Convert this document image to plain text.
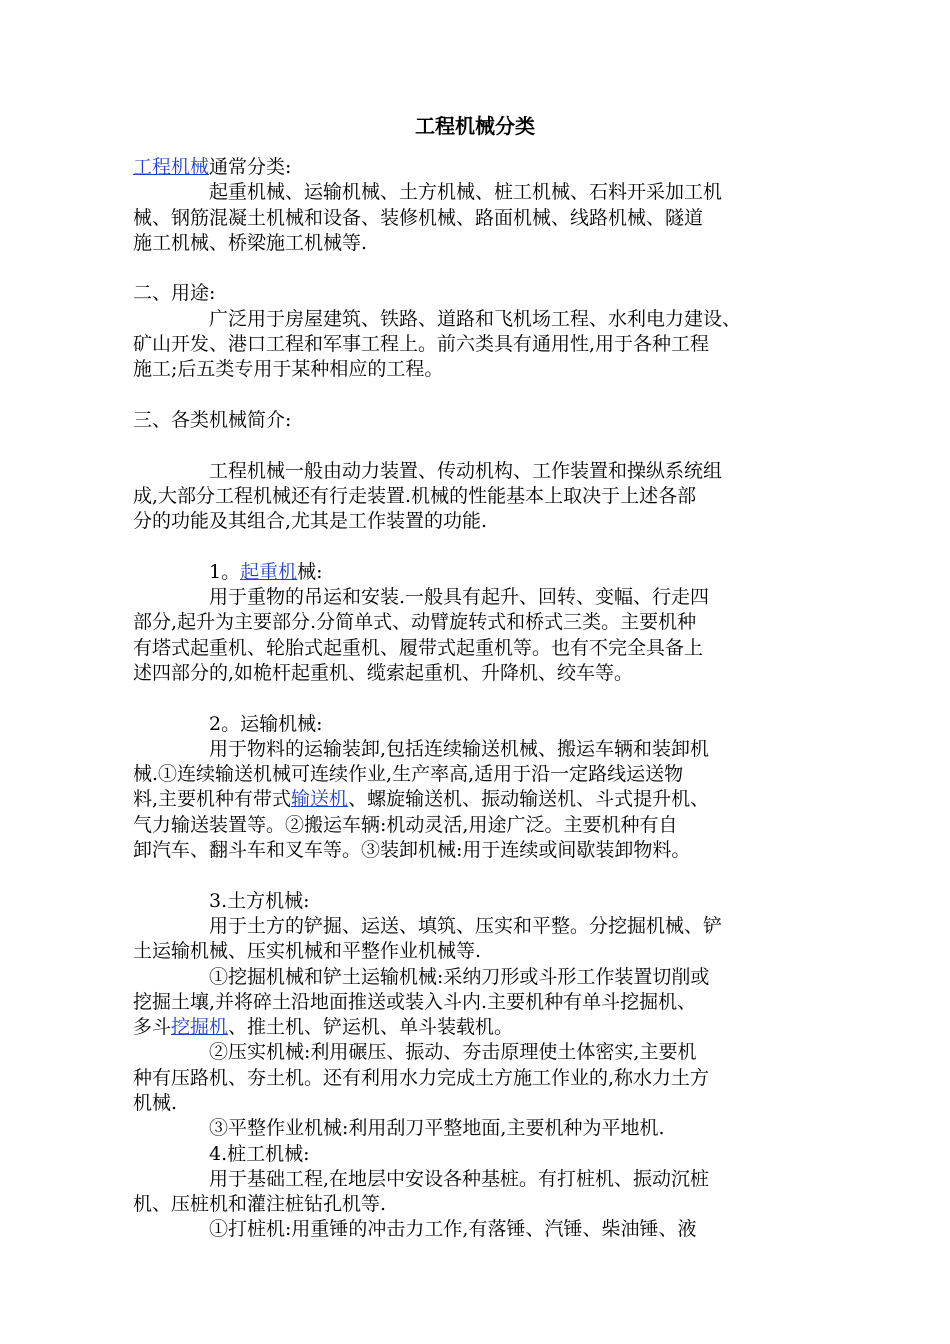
工程机械分类
工程机械通常分类:
起重机械、运输机械、土方机械、桩工机械、石料开采加工机
械、钢筋混凝土机械和设备、装修机械、路面机械、线路机械、隧道
施工机械、桥梁施工机械等.
二、用途:
广泛用于房屋建筑、铁路、道路和飞机场工程、水利电力建设、
矿山开发、港口工程和军事工程上。前六类具有通用性,用于各种工程
施工;后五类专用于某种相应的工程。
三、各类机械简介:
工程机械一般由动力装置、传动机构、工作装置和操纵系统组
成,大部分工程机械还有行走装置.机械的性能基本上取决于上述各部
分的功能及其组合,尤其是工作装置的功能.
1。起重机械:
用于重物的吊运和安装.一般具有起升、回转、变幅、行走四
部分,起升为主要部分.分简单式、动臂旋转式和桥式三类。主要机种
有塔式起重机、轮胎式起重机、履带式起重机等。也有不完全具备上
述四部分的,如桅杆起重机、缆索起重机、升降机、绞车等。
2。运输机械:
用于物料的运输装卸,包括连续输送机械、搬运车辆和装卸机
械.①连续输送机械可连续作业,生产率高,适用于沿一定路线运送物
料,主要机种有带式输送机、螺旋输送机、振动输送机、斗式提升机、
气力输送装置等。②搬运车辆:机动灵活,用途广泛。主要机种有自
卸汽车、翻斗车和叉车等。③装卸机械:用于连续或间歇装卸物料。
3.土方机械:
用于土方的铲掘、运送、填筑、压实和平整。分挖掘机械、铲
土运输机械、压实机械和平整作业机械等.
①挖掘机械和铲土运输机械:采纳刀形或斗形工作装置切削或
挖掘土壤,并将碎土沿地面推送或装入斗内.主要机种有单斗挖掘机、
多斗挖掘机、推土机、铲运机、单斗装载机。
②压实机械:利用碾压、振动、夯击原理使土体密实,主要机
种有压路机、夯土机。还有利用水力完成土方施工作业的,称水力土方
机械.
③平整作业机械:利用刮刀平整地面,主要机种为平地机.
4.桩工机械:
用于基础工程,在地层中安设各种基桩。有打桩机、振动沉桩
机、压桩机和灌注桩钻孔机等.
①打桩机:用重锤的冲击力工作,有落锤、汽锤、柴油锤、液
